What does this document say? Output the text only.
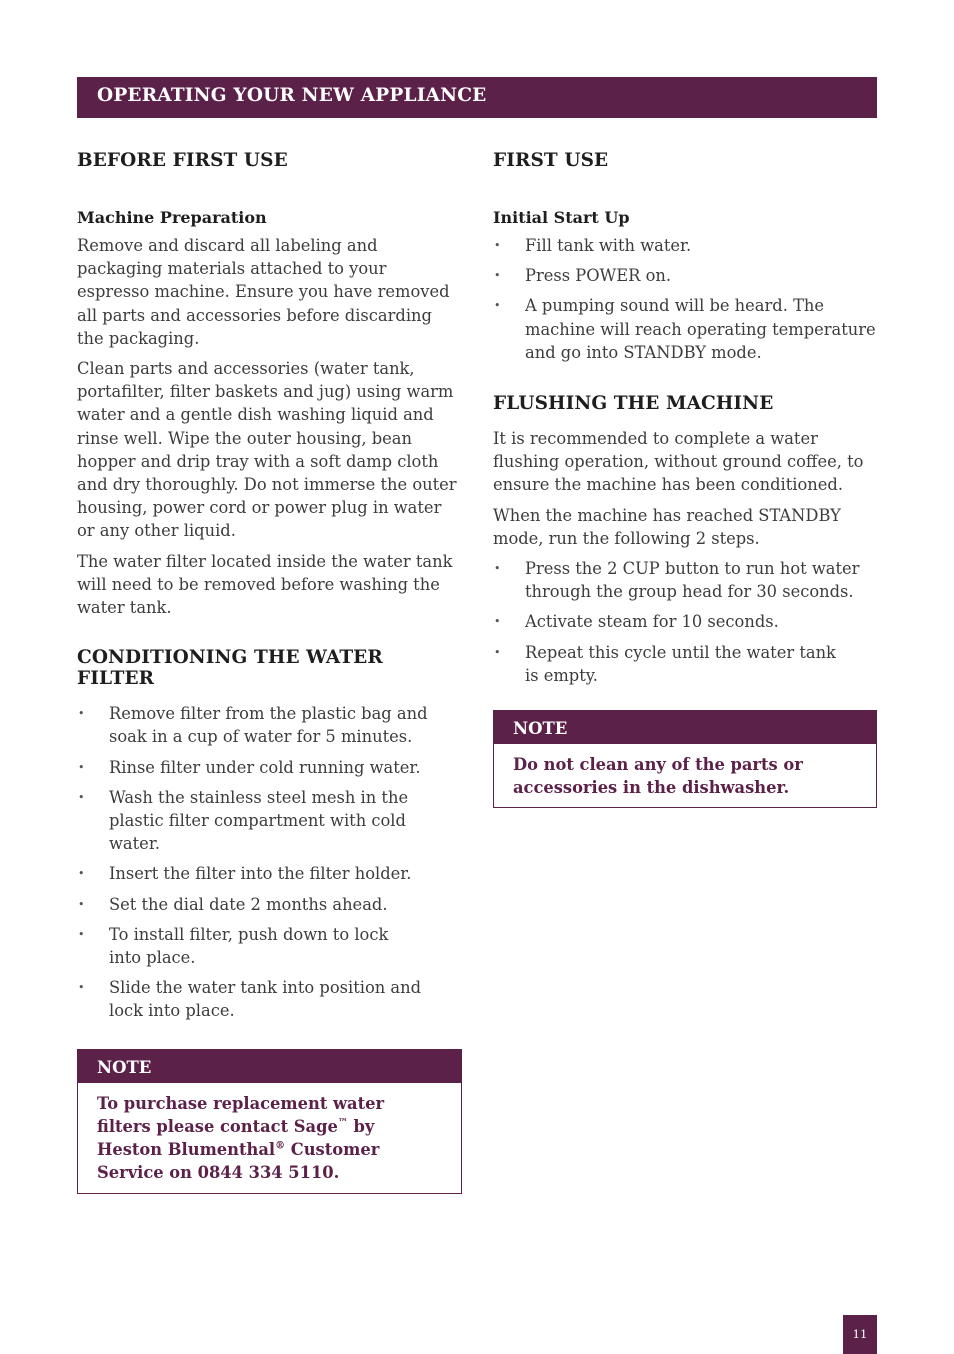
OPERATING YOUR NEW APPLIANCE
BEFORE FIRST USE
Machine Preparation

Remove and discard all labeling and packaging materials attached to your espresso machine. Ensure you have removed all parts and accessories before discarding the packaging.

Clean parts and accessories (water tank, portafilter, filter baskets and jug) using warm water and a gentle dish washing liquid and rinse well. Wipe the outer housing, bean hopper and drip tray with a soft damp cloth and dry thoroughly. Do not immerse the outer housing, power cord or power plug in water or any other liquid.

The water filter located inside the water tank will need to be removed before washing the water tank.

CONDITIONING THE WATER FILTER
• Remove filter from the plastic bag and soak in a cup of water for 5 minutes.
• Rinse filter under cold running water.
• Wash the stainless steel mesh in the plastic filter compartment with cold water.
• Insert the filter into the filter holder.
• Set the dial date 2 months ahead.
• To install filter, push down to lock into place.
• Slide the water tank into position and lock into place.
NOTE
To purchase replacement water filters please contact Sage™ by Heston Blumenthal® Customer Service on 0844 334 5110.
FIRST USE
Initial Start Up
• Fill tank with water.
• Press POWER on.
• A pumping sound will be heard. The machine will reach operating temperature and go into STANDBY mode.
FLUSHING THE MACHINE

It is recommended to complete a water flushing operation, without ground coffee, to ensure the machine has been conditioned.

When the machine has reached STANDBY mode, run the following 2 steps.

• Press the 2 CUP button to run hot water through the group head for 30 seconds.
• Activate steam for 10 seconds.
• Repeat this cycle until the water tank is empty.
NOTE
Do not clean any of the parts or accessories in the dishwasher.
11
